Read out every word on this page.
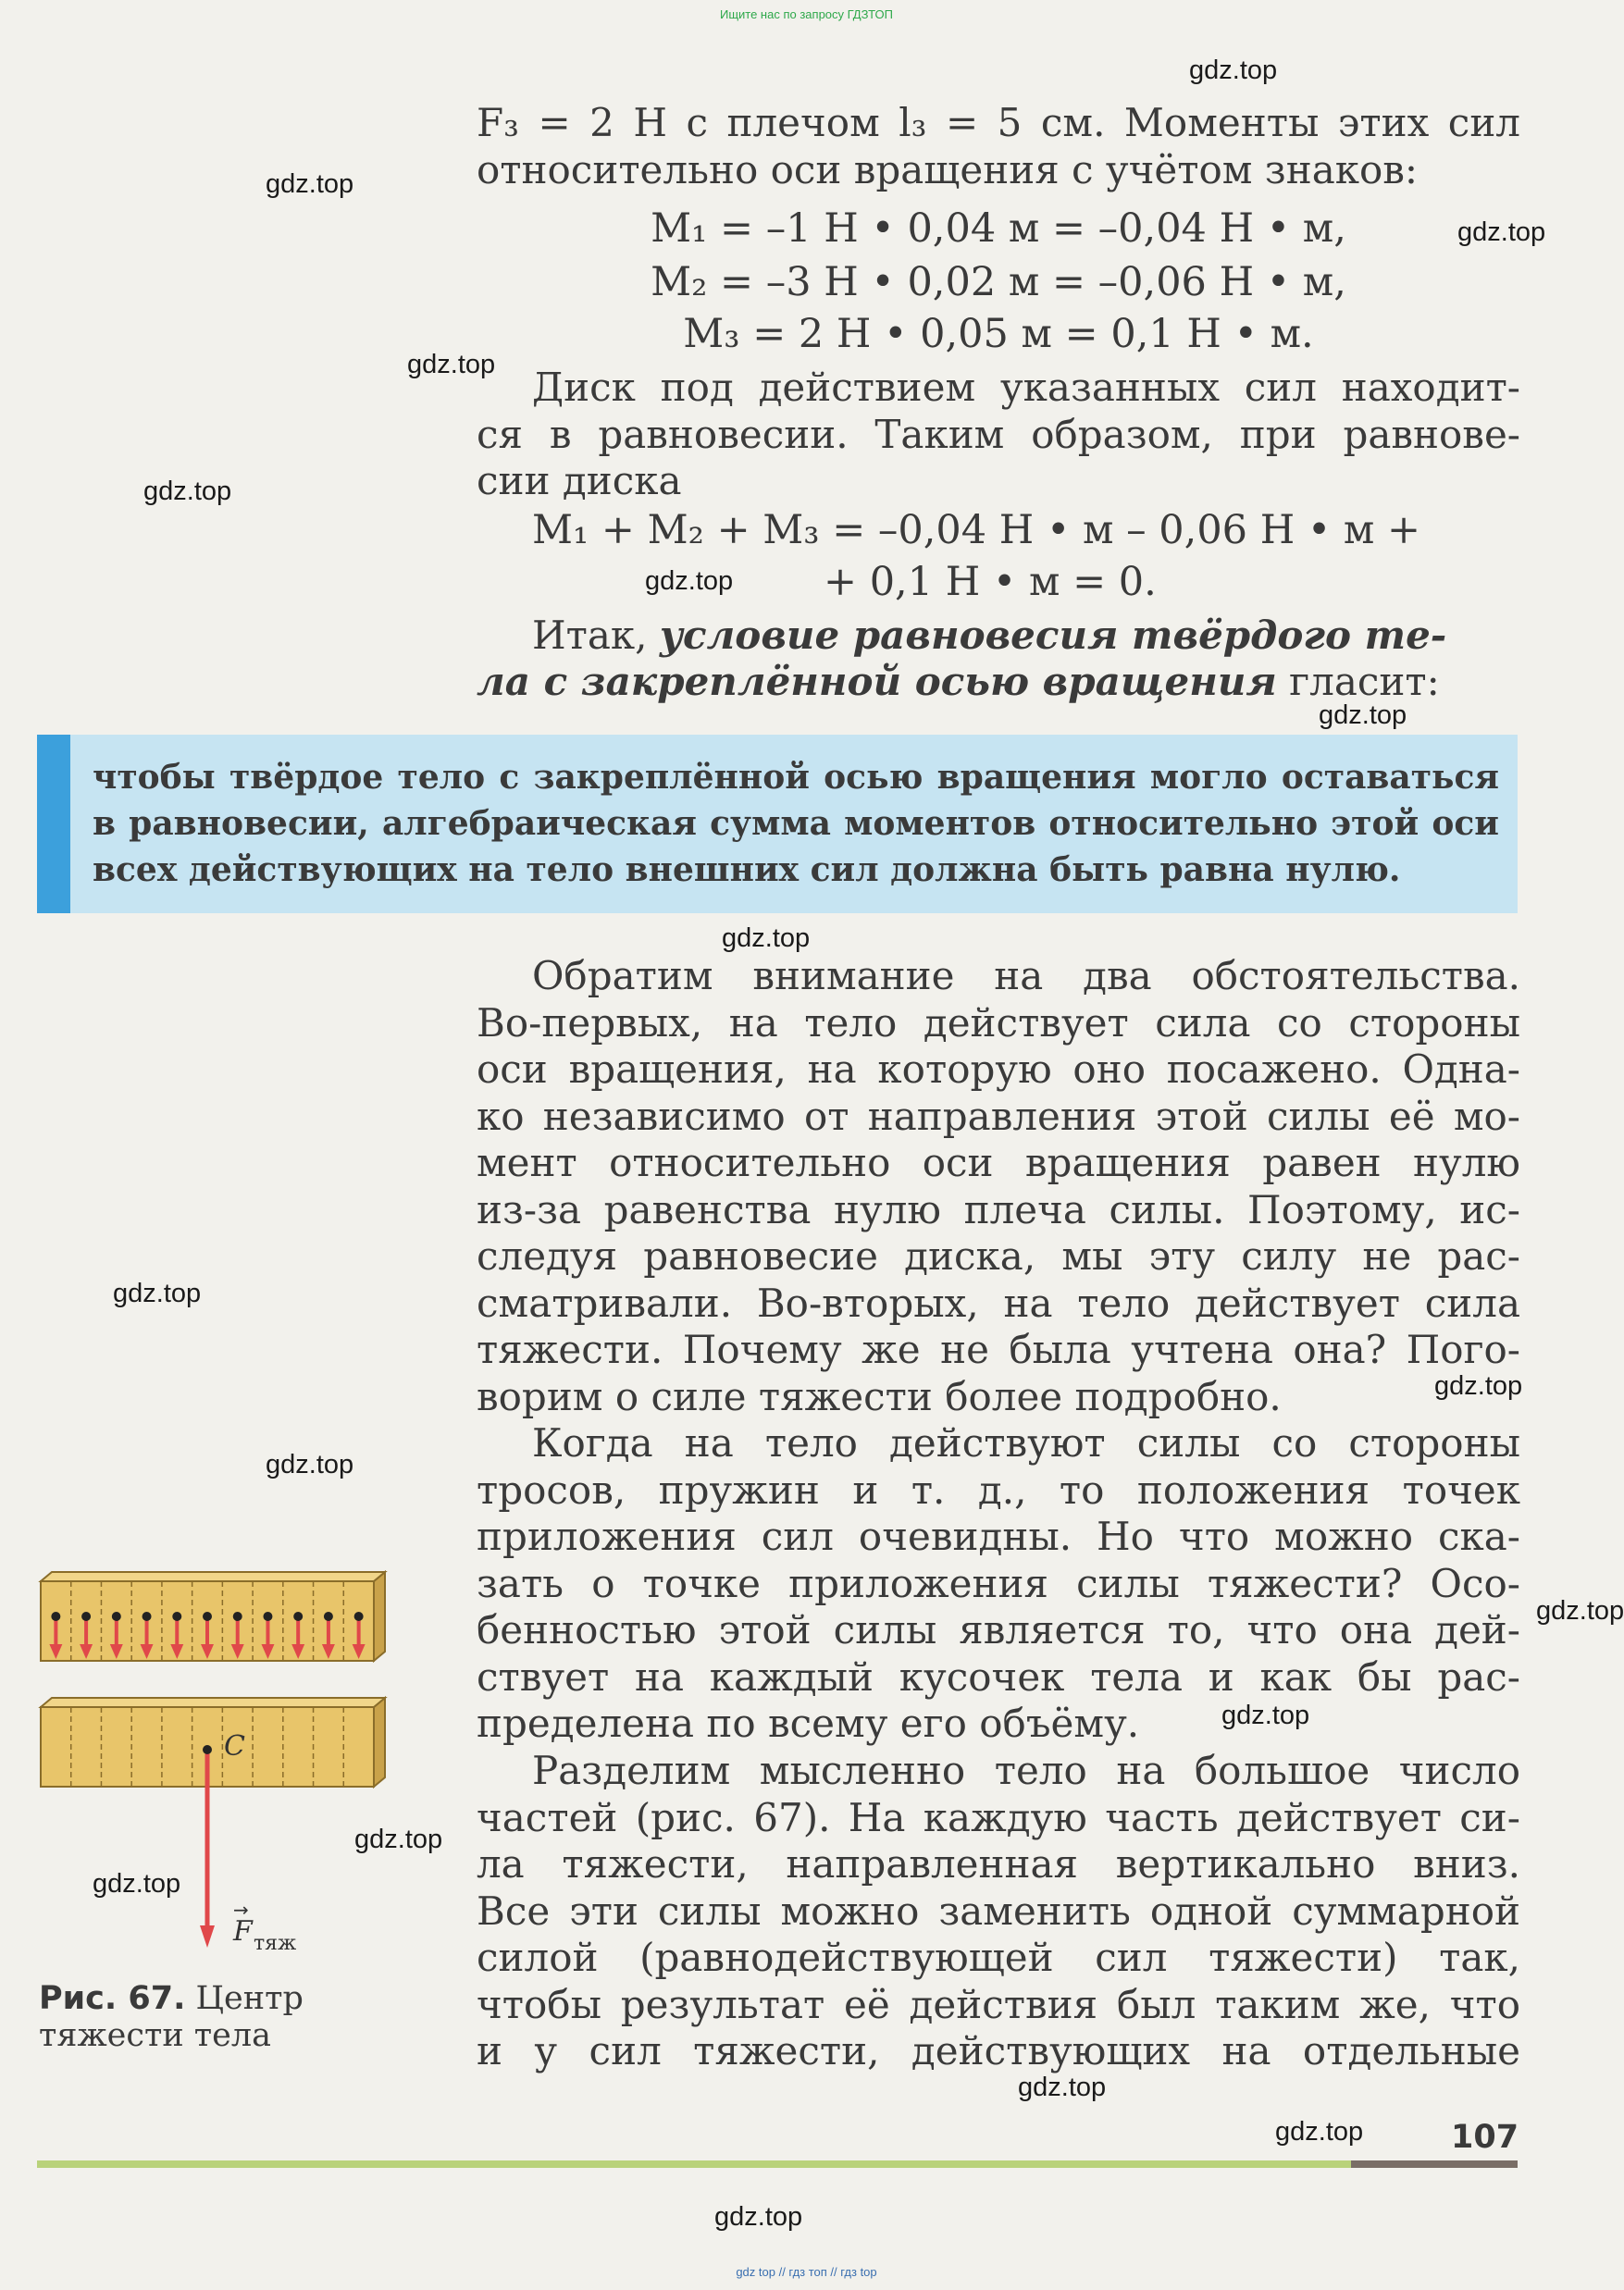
Ищите нас по запросу ГДЗТОП
F₃ = 2 Н с плечом l₃ = 5 см. Моменты этих сил
относительно оси вращения с учётом знаков:
M₁ = –1 Н • 0,04 м = –0,04 Н • м,
M₂ = –3 Н • 0,02 м = –0,06 Н • м,
M₃ = 2 Н • 0,05 м = 0,1 Н • м.
Диск под действием указанных сил находит-
ся в равновесии. Таким образом, при равнове-
сии диска
M₁ + M₂ + M₃ = –0,04 Н • м – 0,06 Н • м +
+ 0,1 Н • м = 0.
Итак, условие равновесия твёрдого те-
ла с закреплённой осью вращения гласит:
чтобы твёрдое тело с закреплённой осью вращения могло оставаться
в равновесии, алгебраическая сумма моментов относительно этой оси
всех действующих на тело внешних сил должна быть равна нулю.
Обратим внимание на два обстоятельства.
Во-первых, на тело действует сила со стороны
оси вращения, на которую оно посажено. Одна-
ко независимо от направления этой силы её мо-
мент относительно оси вращения равен нулю
из-за равенства нулю плеча силы. Поэтому, ис-
следуя равновесие диска, мы эту силу не рас-
сматривали. Во-вторых, на тело действует сила
тяжести. Почему же не была учтена она? Пого-
ворим о силе тяжести более подробно.
Когда на тело действуют силы со стороны
тросов, пружин и т. д., то положения точек
приложения сил очевидны. Но что можно ска-
зать о точке приложения силы тяжести? Осо-
бенностью этой силы является то, что она дей-
ствует на каждый кусочек тела и как бы рас-
пределена по всему его объёму.
Разделим мысленно тело на большое число
частей (рис. 67). На каждую часть действует си-
ла тяжести, направленная вертикально вниз.
Все эти силы можно заменить одной суммарной
силой (равнодействующей сил тяжести) так,
чтобы результат её действия был таким же, что
и у сил тяжести, действующих на отдельные
C
F
→
тяж
Рис. 67. Центр
тяжести тела
gdz.top
gdz.top
gdz.top
gdz.top
gdz.top
gdz.top
gdz.top
gdz.top
gdz.top
gdz.top
gdz.top
gdz.top
gdz.top
gdz.top
gdz.top
gdz.top
gdz.top
gdz.top
107
gdz top // гдз топ // гдз top
